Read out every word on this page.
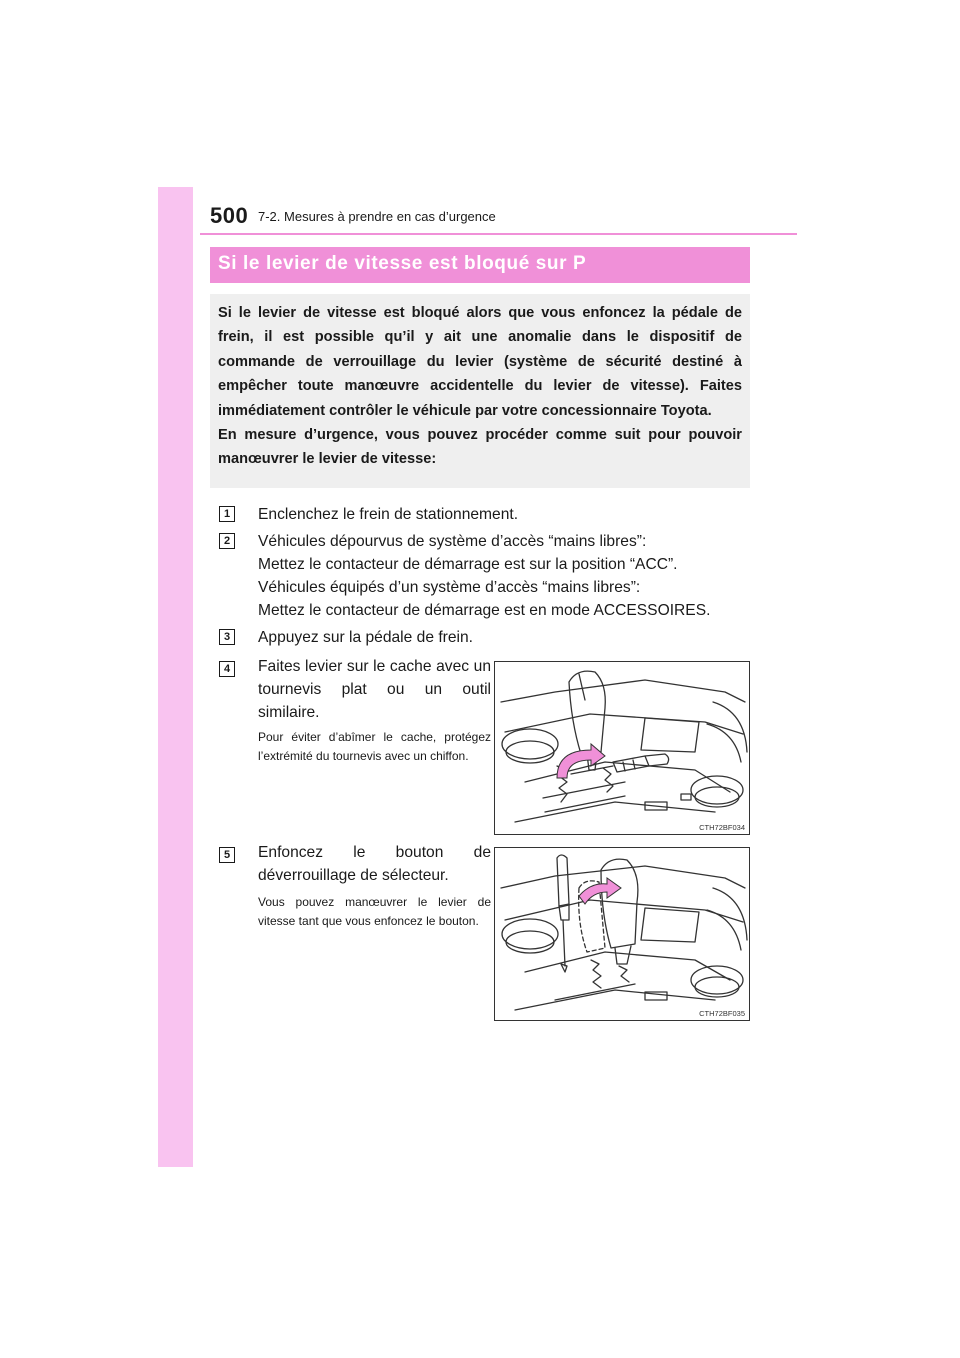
500 7-2. Mesures à prendre en cas d’urgence
Si le levier de vitesse est bloqué sur P

Si le levier de vitesse est bloqué alors que vous enfoncez la pédale de frein, il est possible qu’il y ait une anomalie dans le dispositif de commande de verrouillage du levier (système de sécurité destiné à empêcher toute manœuvre accidentelle du levier de vitesse). Faites immédiatement contrôler le véhicule par votre concessionnaire Toyota.

En mesure d’urgence, vous pouvez procéder comme suit pour pouvoir manœuvrer le levier de vitesse:

1	Enclenchez le frein de stationnement.
2	Véhicules dépourvus de système d’accès “mains libres”:
Mettez le contacteur de démarrage est sur la position “ACC”.
Véhicules équipés d’un système d’accès “mains libres”:
Mettez le contacteur de démarrage est en mode ACCESSOIRES.
3	Appuyez sur la pédale de frein.
4	Faites levier sur le cache avec un tournevis plat ou un outil similaire.
Pour éviter d’abîmer le cache, protégez l’extrémité du tournevis avec un chiffon.
CTH72BF034
5	Enfoncez le bouton de déverrouillage de sélecteur.
Vous pouvez manœuvrer le levier de vitesse tant que vous enfoncez le bouton.
CTH72BF035
